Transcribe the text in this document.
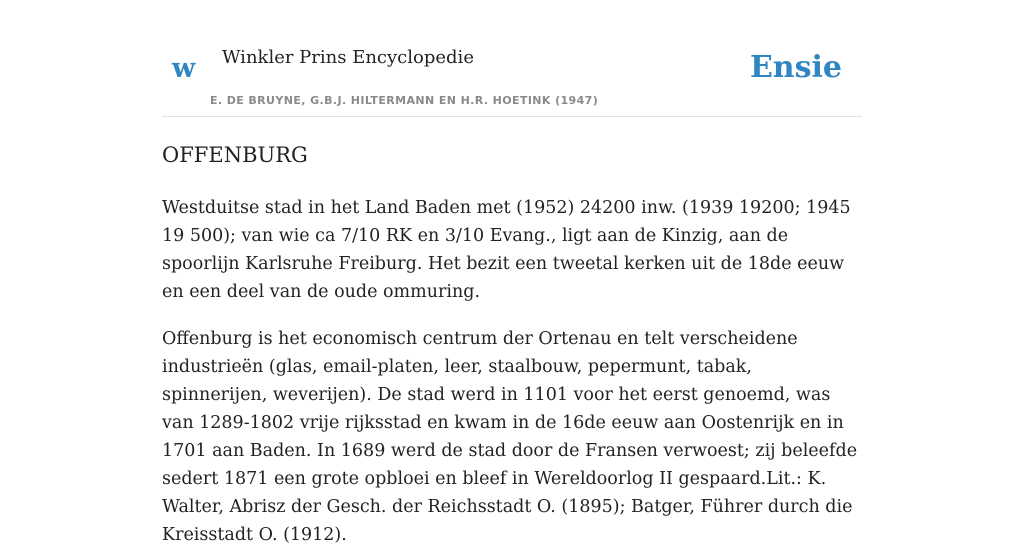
w Winkler Prins Encyclopedie
E. DE BRUYNE, G.B.J. HILTERMANN EN H.R. HOETINK (1947)
Ensie
OFFENBURG

Westduitse stad in het Land Baden met (1952) 24200 inw. (1939 19200; 1945 19 500); van wie ca 7/10 RK en 3/10 Evang., ligt aan de Kinzig, aan de spoorlijn Karlsruhe Freiburg. Het bezit een tweetal kerken uit de 18de eeuw en een deel van de oude ommuring.

Offenburg is het economisch centrum der Ortenau en telt verscheidene industrieën (glas, email-platen, leer, staalbouw, pepermunt, tabak, spinnerijen, weverijen). De stad werd in 1101 voor het eerst genoemd, was van 1289-1802 vrije rijksstad en kwam in de 16de eeuw aan Oostenrijk en in 1701 aan Baden. In 1689 werd de stad door de Fransen verwoest; zij beleefde sedert 1871 een grote opbloei en bleef in Wereldoorlog II gespaard.Lit.: K. Walter, Abrisz der Gesch. der Reichsstadt O. (1895); Batger, Führer durch die Kreisstadt O. (1912).
